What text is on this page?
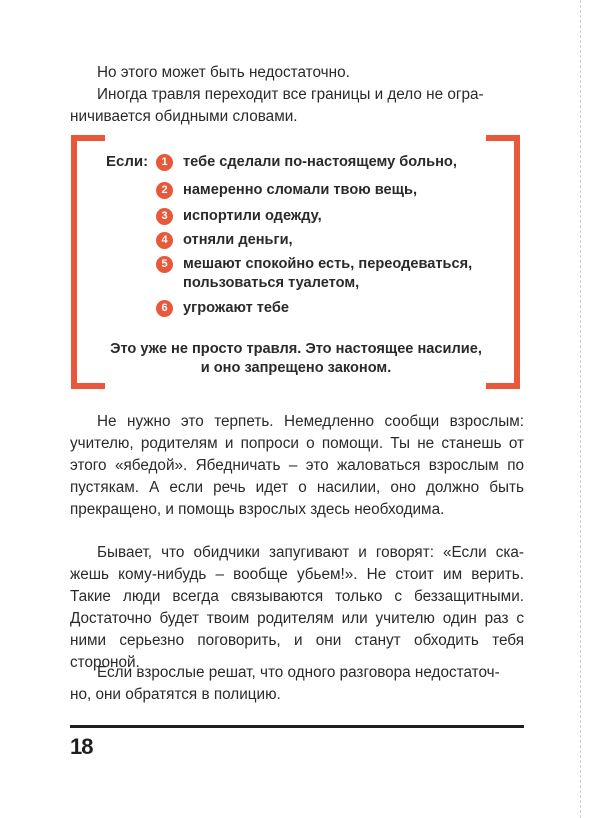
Но этого может быть недостаточно.
Иногда травля переходит все границы и дело не огра-
ничивается обидными словами.

Если:	1	тебе сделали по-настоящему больно,
2	намеренно сломали твою вещь,
3	испортили одежду,
4	отняли деньги,
5	мешают спокойно есть, переодеваться,
пользоваться туалетом,
6	угрожают тебе
Это уже не просто травля. Это настоящее насилие,
и оно запрещено законом.

Не нужно это терпеть. Немедленно сообщи взрослым: учителю, родителям и попроси о помощи. Ты не станешь от этого «ябедой». Ябедничать – это жаловаться взрослым по пустякам. А если речь идет о насилии, оно должно быть прекращено, и помощь взрослых здесь необходима.

Бывает, что обидчики запугивают и говорят: «Если ска-жешь кому-нибудь – вообще убьем!». Не стоит им верить. Такие люди всегда связываются только с беззащитными. Достаточно будет твоим родителям или учителю один раз с ними серьезно поговорить, и они станут обходить тебя стороной.

Если взрослые решат, что одного разговора недостаточ-
но, они обратятся в полицию.

18
